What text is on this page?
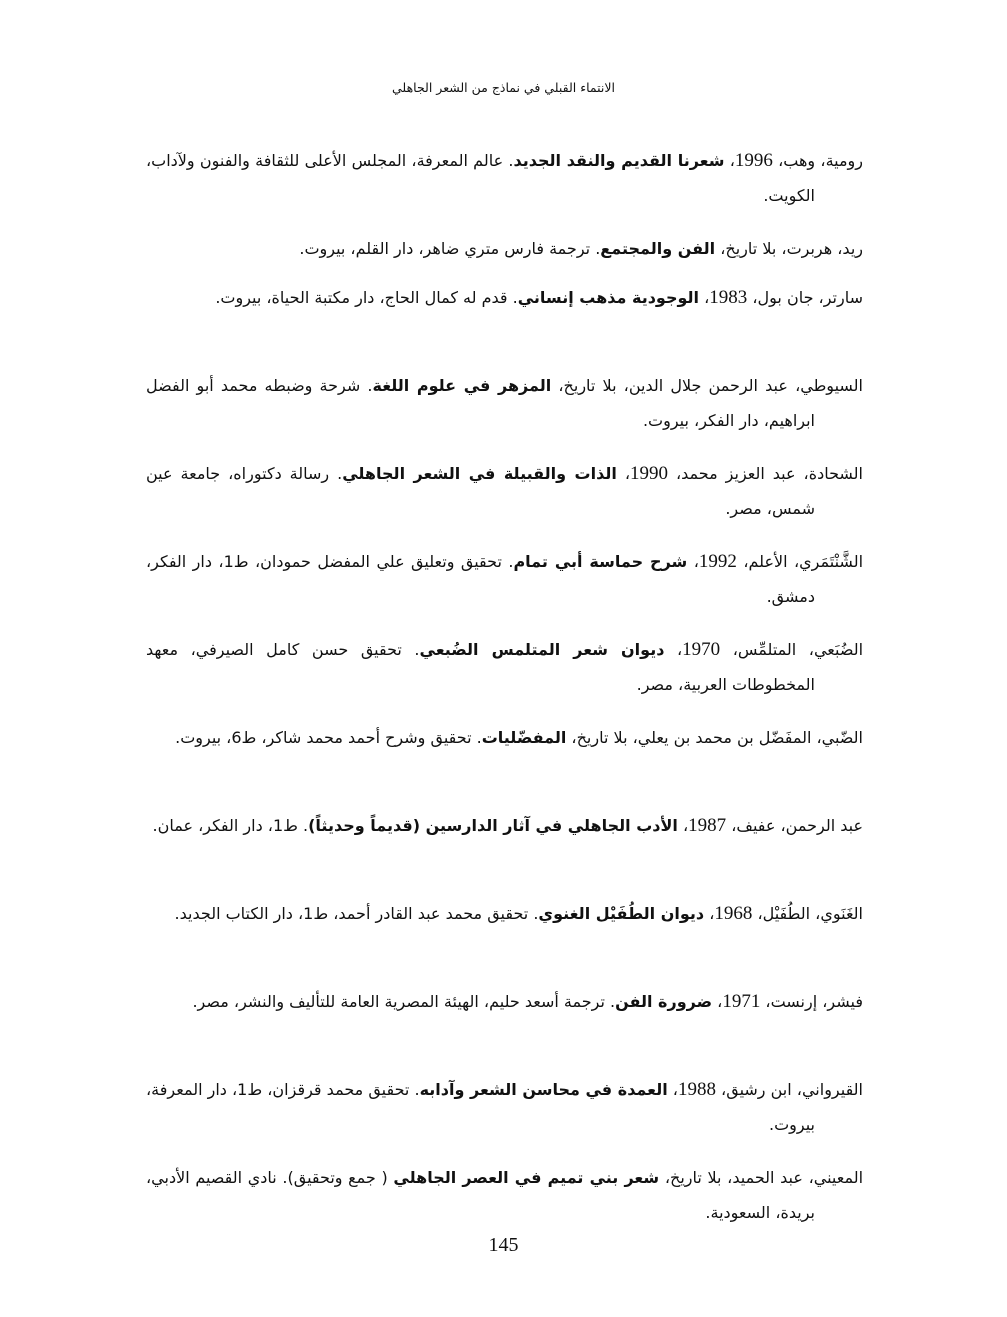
الانتماء القبلي في نماذج من الشعر الجاهلي
رومية، وهب، 1996، شعرنا القديم والنقد الجديد. عالم المعرفة، المجلس الأعلى للثقافة والفنون ولآداب، الكويت.
ريد، هربرت، بلا تاريخ، الفن والمجتمع. ترجمة فارس متري ضاهر، دار القلم، بيروت.
سارتر، جان بول، 1983، الوجودية مذهب إنساني. قدم له كمال الحاج، دار مكتبة الحياة، بيروت.
السيوطي، عبد الرحمن جلال الدين، بلا تاريخ، المزهر في علوم اللغة. شرحة وضبطه محمد أبو الفضل ابراهيم، دار الفكر، بيروت.
الشحادة، عبد العزيز محمد، 1990، الذات والقبيلة في الشعر الجاهلي. رسالة دكتوراه، جامعة عين شمس، مصر.
الشَّنْتَمَري، الأعلم، 1992، شرح حماسة أبي تمام. تحقيق وتعليق علي المفضل حمودان، ط1، دار الفكر، دمشق.
الضُبَعي، المتلمِّس، 1970، ديوان شعر المتلمس الضُبعي. تحقيق حسن كامل الصيرفي، معهد المخطوطات العربية، مصر.
الضّبي، المفَضّل بن محمد بن يعلي، بلا تاريخ، المفضّليات. تحقيق وشرح أحمد محمد شاكر، ط6، بيروت.
عبد الرحمن، عفيف، 1987، الأدب الجاهلي في آثار الدارسين (قديماً وحديثاً). ط1، دار الفكر، عمان.
الغَنَوي، الطُفَيْل، 1968، ديوان الطُفَيْل الغنوي. تحقيق محمد عبد القادر أحمد، ط1، دار الكتاب الجديد.
فيشر، إرنست، 1971، ضرورة الفن. ترجمة أسعد حليم، الهيئة المصرية العامة للتأليف والنشر، مصر.
القيرواني، ابن رشيق، 1988، العمدة في محاسن الشعر وآدابه. تحقيق محمد قرقزان، ط1، دار المعرفة، بيروت.
المعيني، عبد الحميد، بلا تاريخ، شعر بني تميم في العصر الجاهلي ( جمع وتحقيق). نادي القصيم الأدبي، بريدة، السعودية.
145
